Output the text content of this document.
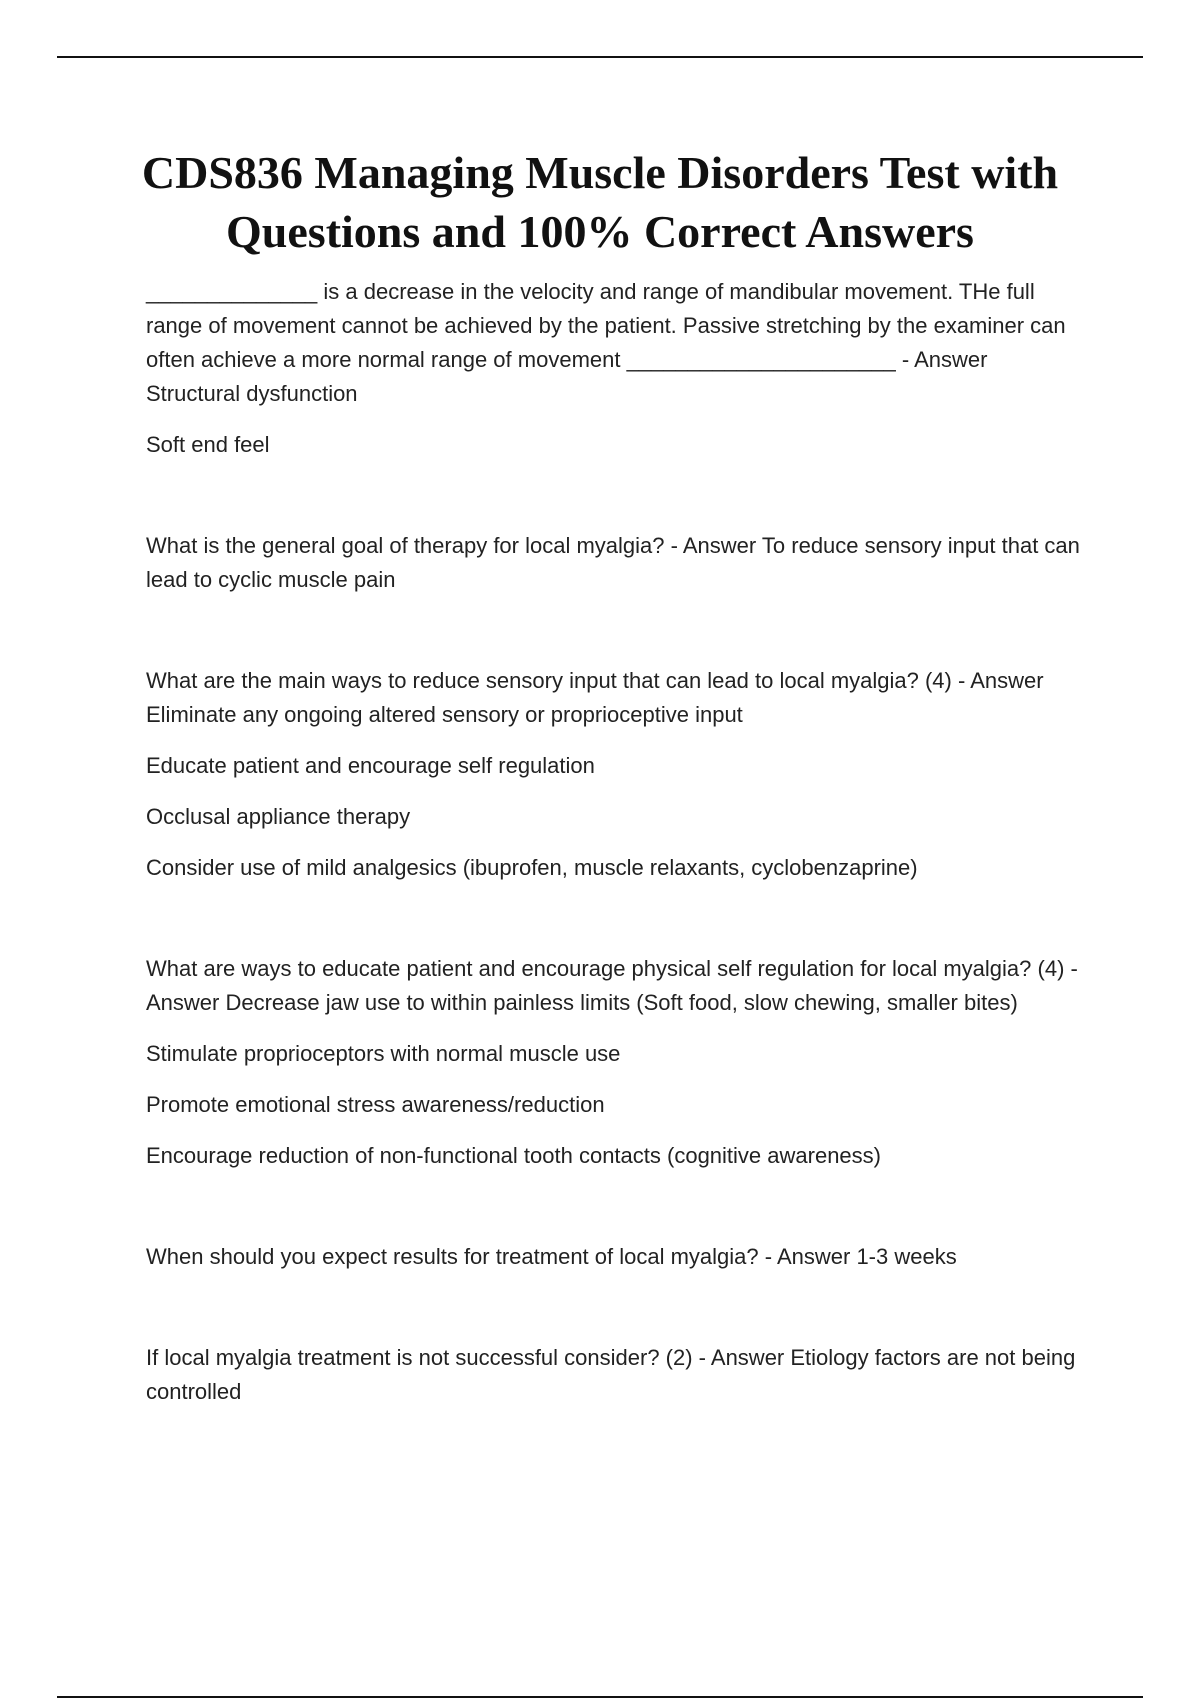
CDS836 Managing Muscle Disorders Test with
Questions and 100% Correct Answers

______________ is a decrease in the velocity and range of mandibular movement. THe full range of movement cannot be achieved by the patient. Passive stretching by the examiner can often achieve a more normal range of movement ______________________ - Answer Structural dysfunction

Soft end feel

What is the general goal of therapy for local myalgia? - Answer To reduce sensory input that can lead to cyclic muscle pain

What are the main ways to reduce sensory input that can lead to local myalgia? (4) - Answer Eliminate any ongoing altered sensory or proprioceptive input

Educate patient and encourage self regulation

Occlusal appliance therapy

Consider use of mild analgesics (ibuprofen, muscle relaxants, cyclobenzaprine)

What are ways to educate patient and encourage physical self regulation for local myalgia? (4) - Answer Decrease jaw use to within painless limits (Soft food, slow chewing, smaller bites)

Stimulate proprioceptors with normal muscle use

Promote emotional stress awareness/reduction

Encourage reduction of non-functional tooth contacts (cognitive awareness)

When should you expect results for treatment of local myalgia? - Answer 1-3 weeks

If local myalgia treatment is not successful consider? (2) - Answer Etiology factors are not being controlled
